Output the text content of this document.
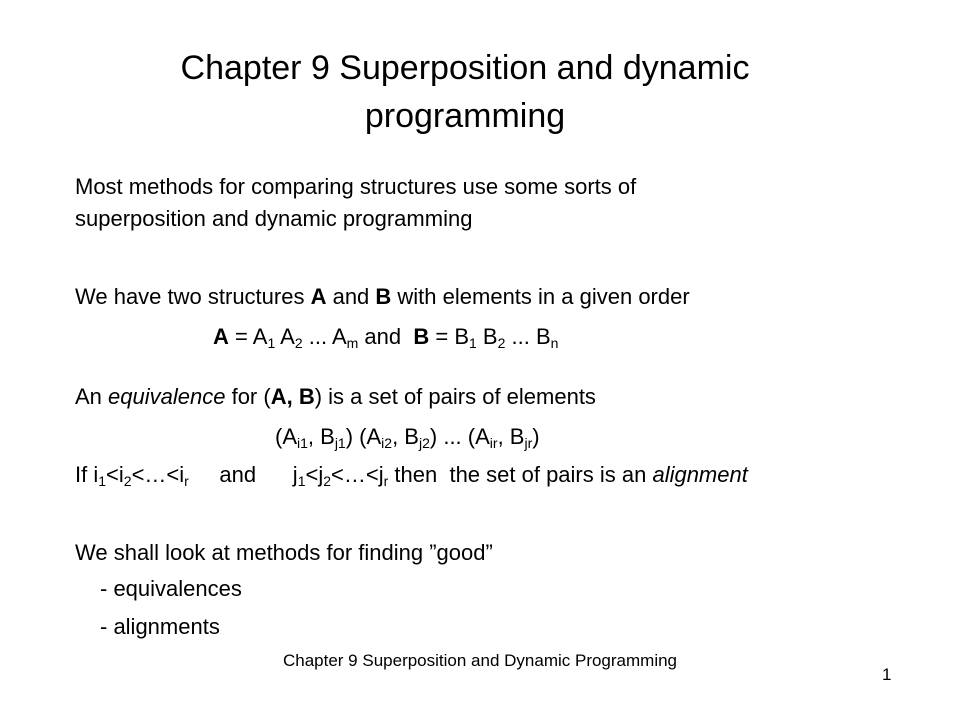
Chapter 9 Superposition and dynamic
programming
Most methods for comparing structures use some sorts of
superposition and dynamic programming
We have two structures A and B with elements in a given order
$A = A_1$ $A_2$ ... $A_m$ and  $B = B_1$ $B_2$ ... $B_n$
An equivalence for (A, B) is a set of pairs of elements
($A_{i1}$, $B_{j1}$) ($A_{i2}$, $B_{j2}$) ... ($A_{ir}$, $B_{jr}$)
If $i_1<i_2<\dots<i_r$     and      $j_1<j_2<\dots<j_r$ then  the set of pairs is an alignment
We shall look at methods for finding ”good”
- equivalences
- alignments
Chapter 9 Superposition and Dynamic Programming
1
